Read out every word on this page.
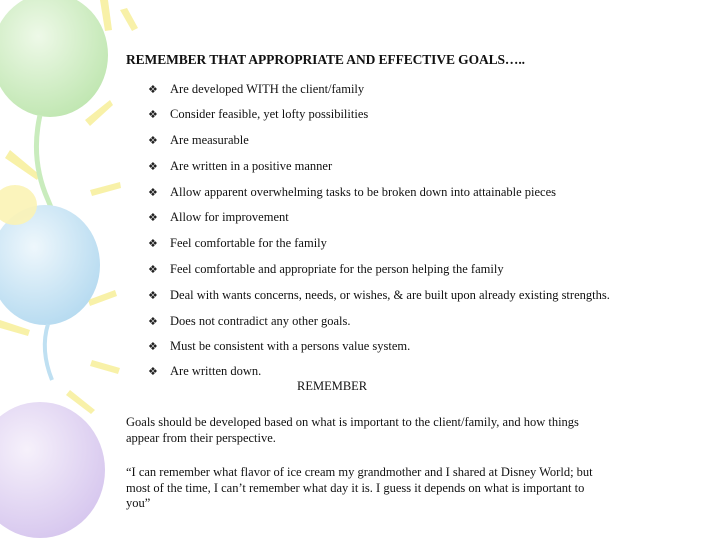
REMEMBER THAT APPROPRIATE AND EFFECTIVE GOALS…..
❖ Are developed WITH the client/family
❖ Consider feasible, yet lofty possibilities
❖ Are measurable
❖ Are written in a positive manner
❖ Allow apparent overwhelming tasks to be broken down into attainable pieces
❖ Allow for improvement
❖ Feel comfortable for the family
❖ Feel comfortable and appropriate for the person helping the family
❖ Deal with wants concerns, needs, or wishes, & are built upon already existing strengths.
❖ Does not contradict any other goals.
❖ Must be consistent with a persons value system.
❖ Are written down.
REMEMBER

Goals should be developed based on what is important to the client/family, and how things appear from their perspective.

“I can remember what flavor of ice cream my grandmother and I shared at Disney World; but most of the time, I can’t remember what day it is. I guess it depends on what is important to you”
